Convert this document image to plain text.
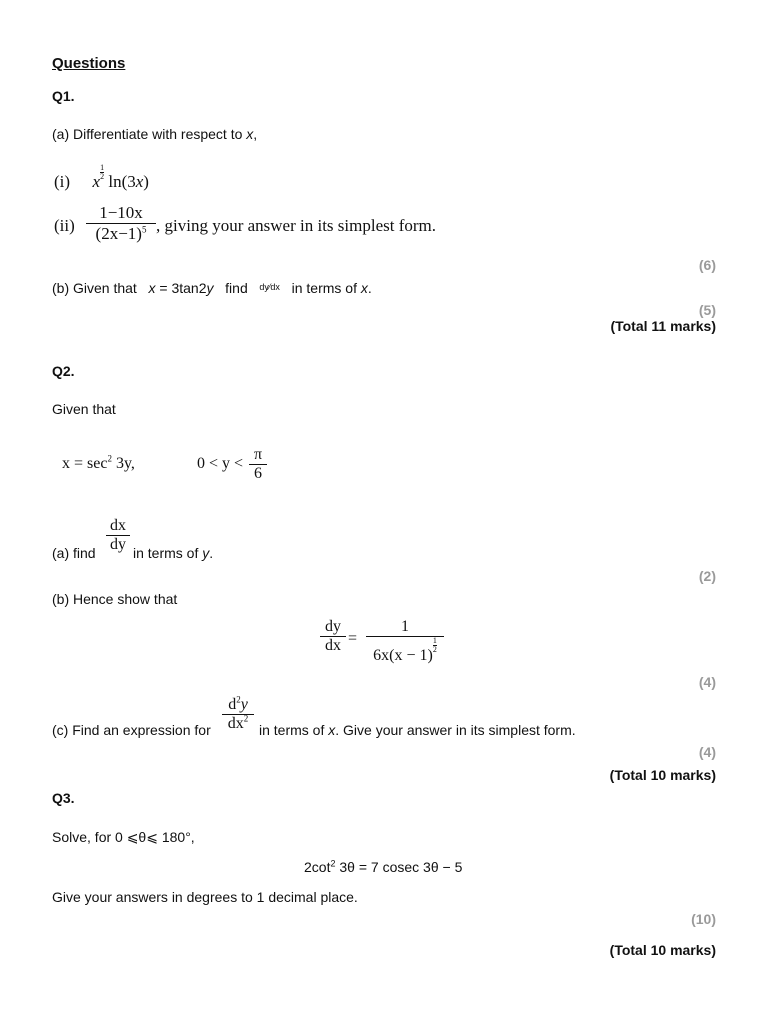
Questions
Q1.
(a) Differentiate with respect to x,
(i) x $^{\frac{1}{2}}$ ln(3x)
(ii)
1−10x
$(2x-1)^5$ , giving your answer in its simplest form.
(6)
(b) Given that x = 3tan2y find $^{dy⁄dx}$ in terms of x.
(5)
(Total 11 marks)
Q2.
Given that
$x = \sec^2 3y$,	0 < y <
π
6
dx
dy
(a) find	in terms of y.
(2)
(b) Hence show that
dy
dx =
1
6x(x − 1)
$^{\frac{1}{2}}$
(4)
$d^2y$
$dx^2$
(c) Find an expression for	in terms of x. Give your answer in its simplest form.
(4)
(Total 10 marks)
Q3.
Solve, for 0 ⩽θ⩽ 180°,
$2\cot^2$ 3θ = 7 cosec 3θ − 5
Give your answers in degrees to 1 decimal place.
(10)
(Total 10 marks)
